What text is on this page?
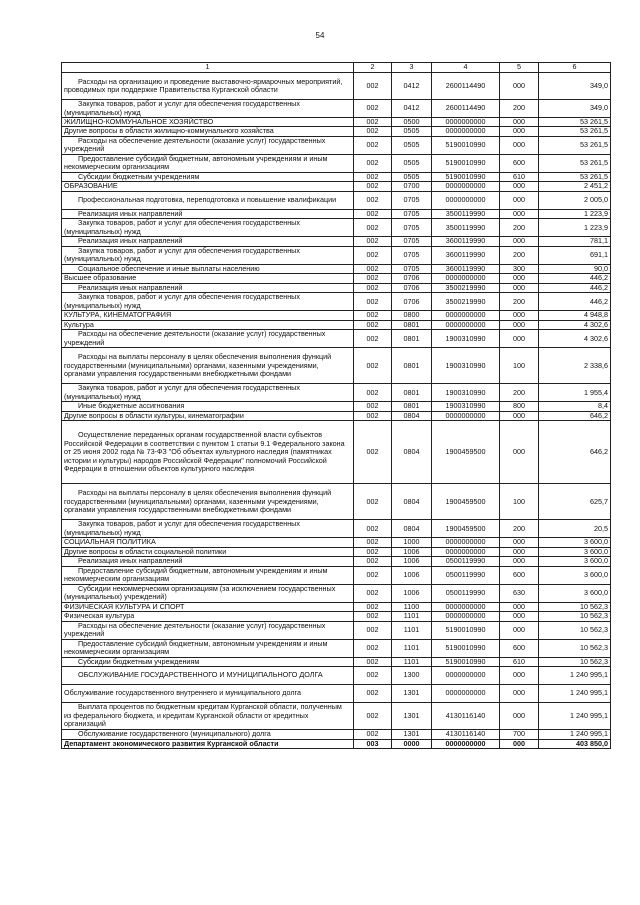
54
1	2	3	4	5	6
Расходы на организацию и проведение выставочно-ярмарочных мероприятий, проводимых при поддержке Правительства Курганской области	002	0412	2600114490	000	349,0
Закупка товаров, работ и услуг для обеспечения государственных (муниципальных) нужд	002	0412	2600114490	200	349,0
ЖИЛИЩНО-КОММУНАЛЬНОЕ ХОЗЯЙСТВО	002	0500	0000000000	000	53 261,5
Другие вопросы в области жилищно-коммунального хозяйства	002	0505	0000000000	000	53 261,5
Расходы на обеспечение деятельности (оказание услуг) государственных учреждений	002	0505	5190010990	000	53 261,5
Предоставление субсидий бюджетным, автономным учреждениям и иным некоммерческим организациям	002	0505	5190010990	600	53 261,5
Субсидии бюджетным учреждениям	002	0505	5190010990	610	53 261,5
ОБРАЗОВАНИЕ	002	0700	0000000000	000	2 451,2
Профессиональная подготовка, переподготовка и повышение квалификации	002	0705	0000000000	000	2 005,0
Реализация иных направлений	002	0705	3500119990	000	1 223,9
Закупка товаров, работ и услуг для обеспечения государственных (муниципальных) нужд	002	0705	3500119990	200	1 223,9
Реализация иных направлений	002	0705	3600119990	000	781,1
Закупка товаров, работ и услуг для обеспечения государственных (муниципальных) нужд	002	0705	3600119990	200	691,1
Социальное обеспечение и иные выплаты населению	002	0705	3600119990	300	90,0
Высшее образование	002	0706	0000000000	000	446,2
Реализация иных направлений	002	0706	3500219990	000	446,2
Закупка товаров, работ и услуг для обеспечения государственных (муниципальных) нужд	002	0706	3500219990	200	446,2
КУЛЬТУРА, КИНЕМАТОГРАФИЯ	002	0800	0000000000	000	4 948,8
Культура	002	0801	0000000000	000	4 302,6
Расходы на обеспечение деятельности (оказание услуг) государственных учреждений	002	0801	1900310990	000	4 302,6
Расходы на выплаты персоналу в целях обеспечения выполнения функций государственными (муниципальными) органами, казенными учреждениями, органами управления государственными внебюджетными фондами	002	0801	1900310990	100	2 338,6
Закупка товаров, работ и услуг для обеспечения государственных (муниципальных) нужд	002	0801	1900310990	200	1 955,4
Иные бюджетные ассигнования	002	0801	1900310990	800	8,4
Другие вопросы в области культуры, кинематографии	002	0804	0000000000	000	646,2
Осуществление переданных органам государственной власти субъектов Российской Федерации в соответствии с пунктом 1 статьи 9.1 Федерального закона от 25 июня 2002 года № 73-ФЗ "Об объектах культурного наследия (памятниках истории и культуры) народов Российской Федерации" полномочий Российской Федерации в отношении объектов культурного наследия	002	0804	1900459500	000	646,2
Расходы на выплаты персоналу в целях обеспечения выполнения функций государственными (муниципальными) органами, казенными учреждениями, органами управления государственными внебюджетными фондами	002	0804	1900459500	100	625,7
Закупка товаров, работ и услуг для обеспечения государственных (муниципальных) нужд	002	0804	1900459500	200	20,5
СОЦИАЛЬНАЯ ПОЛИТИКА	002	1000	0000000000	000	3 600,0
Другие вопросы в области социальной политики	002	1006	0000000000	000	3 600,0
Реализация иных направлений	002	1006	0500119990	000	3 600,0
Предоставление субсидий бюджетным, автономным учреждениям и иным некоммерческим организациям	002	1006	0500119990	600	3 600,0
Субсидии некоммерческим организациям (за исключением государственных (муниципальных) учреждений)	002	1006	0500119990	630	3 600,0
ФИЗИЧЕСКАЯ КУЛЬТУРА И СПОРТ	002	1100	0000000000	000	10 562,3
Физическая культура	002	1101	0000000000	000	10 562,3
Расходы на обеспечение деятельности (оказание услуг) государственных учреждений	002	1101	5190010990	000	10 562,3
Предоставление субсидий бюджетным, автономным учреждениям и иным некоммерческим организациям	002	1101	5190010990	600	10 562,3
Субсидии бюджетным учреждениям	002	1101	5190010990	610	10 562,3
ОБСЛУЖИВАНИЕ ГОСУДАРСТВЕННОГО И МУНИЦИПАЛЬНОГО ДОЛГА	002	1300	0000000000	000	1 240 995,1
Обслуживание государственного внутреннего и муниципального долга	002	1301	0000000000	000	1 240 995,1
Выплата процентов по бюджетным кредитам Курганской области, полученным из федерального бюджета, и кредитам Курганской области от кредитных организаций	002	1301	4130116140	000	1 240 995,1
Обслуживание государственного (муниципального) долга	002	1301	4130116140	700	1 240 995,1
Департамент экономического развития Курганской области	003	0000	0000000000	000	403 850,0
